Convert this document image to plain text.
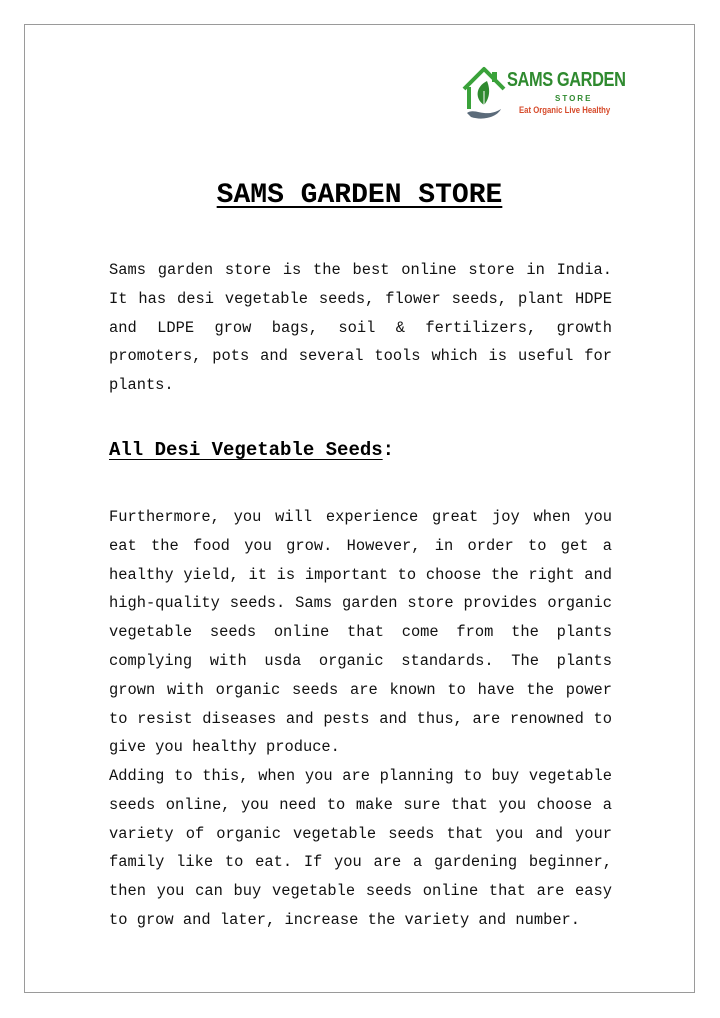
SAMS GARDEN
STORE
Eat Organic Live Healthy
SAMS GARDEN STORE

Sams garden store is the best online store in India. It has desi vegetable seeds, flower seeds, plant HDPE and LDPE grow bags, soil & fertilizers, growth promoters, pots and several tools which is useful for plants.

All Desi Vegetable Seeds:

Furthermore, you will experience great joy when you eat the food you grow. However, in order to get a healthy yield, it is important to choose the right and high-quality seeds. Sams garden store provides organic vegetable seeds online that come from the plants complying with usda organic standards. The plants grown with organic seeds are known to have the power to resist diseases and pests and thus, are renowned to give you healthy produce.

Adding to this, when you are planning to buy vegetable seeds online, you need to make sure that you choose a variety of organic vegetable seeds that you and your family like to eat. If you are a gardening beginner, then you can buy vegetable seeds online that are easy to grow and later, increase the variety and number.
